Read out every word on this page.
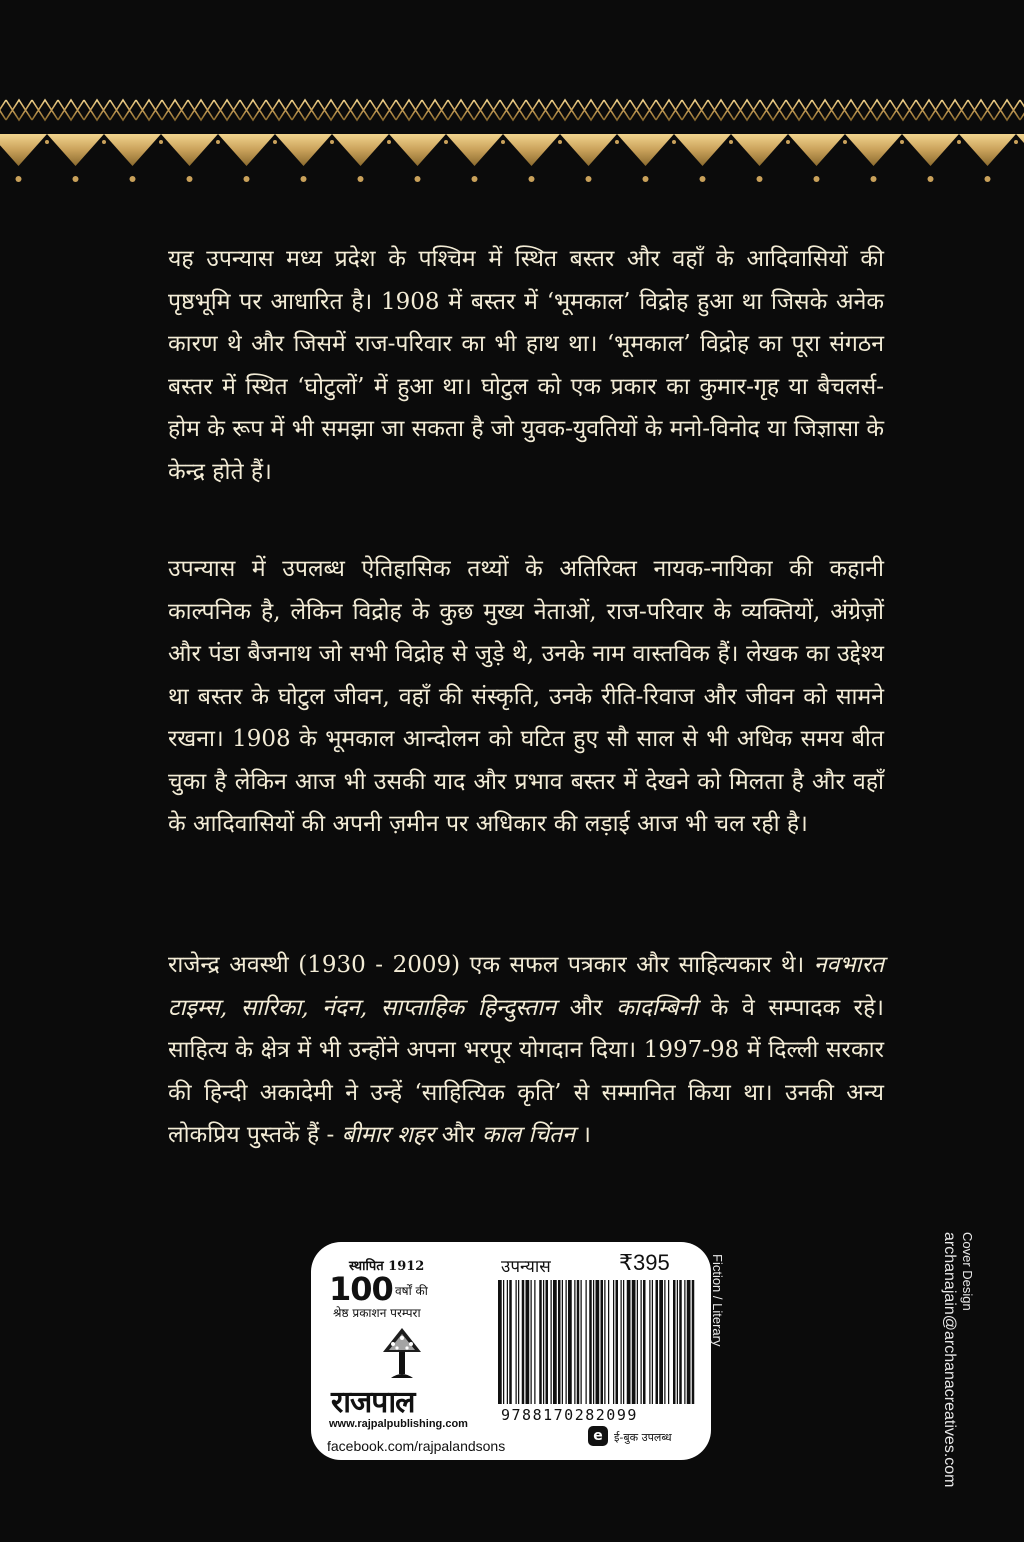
यह उपन्यास मध्य प्रदेश के पश्चिम में स्थित बस्तर और वहाँ के आदिवासियों की पृष्ठभूमि पर आधारित है। 1908 में बस्तर में ‘भूमकाल’ विद्रोह हुआ था जिसके अनेक कारण थे और जिसमें राज-परिवार का भी हाथ था। ‘भूमकाल’ विद्रोह का पूरा संगठन बस्तर में स्थित ‘घोटुलों’ में हुआ था। घोटुल को एक प्रकार का कुमार-गृह या बैचलर्स-होम के रूप में भी समझा जा सकता है जो युवक-युवतियों के मनो-विनोद या जिज्ञासा के केन्द्र होते हैं।
उपन्यास में उपलब्ध ऐतिहासिक तथ्यों के अतिरिक्त नायक-नायिका की कहानी काल्पनिक है, लेकिन विद्रोह के कुछ मुख्य नेताओं, राज-परिवार के व्यक्तियों, अंग्रेज़ों और पंडा बैजनाथ जो सभी विद्रोह से जुड़े थे, उनके नाम वास्तविक हैं। लेखक का उद्देश्य था बस्तर के घोटुल जीवन, वहाँ की संस्कृति, उनके रीति-रिवाज और जीवन को सामने रखना। 1908 के भूमकाल आन्दोलन को घटित हुए सौ साल से भी अधिक समय बीत चुका है लेकिन आज भी उसकी याद और प्रभाव बस्तर में देखने को मिलता है और वहाँ के आदिवासियों की अपनी ज़मीन पर अधिकार की लड़ाई आज भी चल रही है।
राजेन्द्र अवस्थी (1930 - 2009) एक सफल पत्रकार और साहित्यकार थे। नवभारत टाइम्स, सारिका, नंदन, साप्ताहिक हिन्दुस्तान और कादम्बिनी के वे सम्पादक रहे। साहित्य के क्षेत्र में भी उन्होंने अपना भरपूर योगदान दिया। 1997-98 में दिल्ली सरकार की हिन्दी अकादेमी ने उन्हें ‘साहित्यिक कृति’ से सम्मानित किया था। उनकी अन्य लोकप्रिय पुस्तकें हैं - बीमार शहर और काल चिंतन ।
स्थापित 1912
100 वर्षों की
श्रेष्ठ प्रकाशन परम्परा
राजपाल
www.rajpalpublishing.com
facebook.com/rajpalandsons
उपन्यास	₹395
9788170282099
e	ई-बुक उपलब्ध
Fiction / Literary	Cover Design
archanajain@archanacreatives.com
